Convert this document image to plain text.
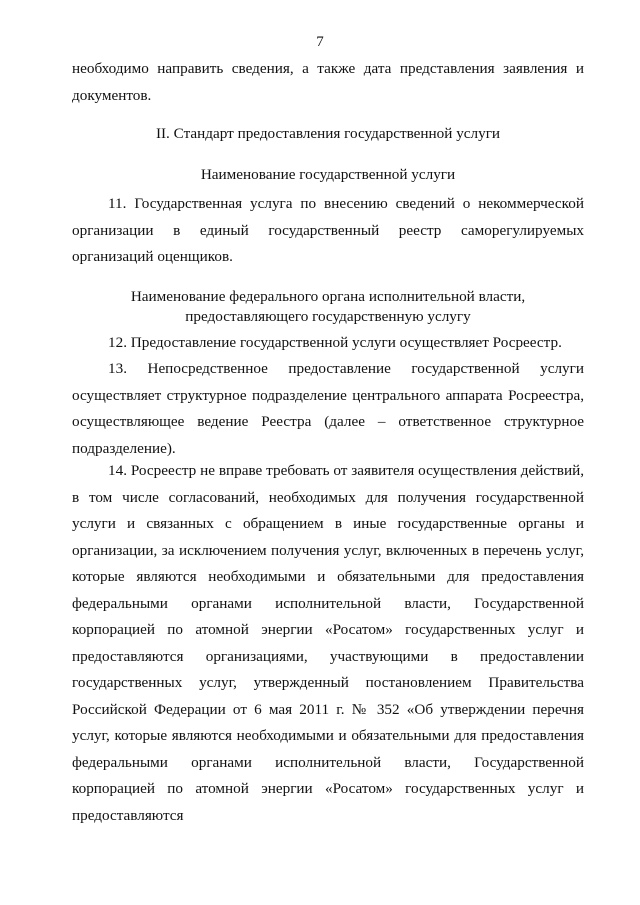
7

необходимо направить сведения, а также дата представления заявления и документов.

II. Стандарт предоставления государственной услуги
Наименование государственной услуги

11. Государственная услуга по внесению сведений о некоммерческой организации в единый государственный реестр саморегулируемых организаций оценщиков.

Наименование федерального органа исполнительной власти,
предоставляющего государственную услугу

12. Предоставление государственной услуги осуществляет Росреестр.

13. Непосредственное предоставление государственной услуги осуществляет структурное подразделение центрального аппарата Росреестра, осуществляющее ведение Реестра (далее – ответственное структурное подразделение).

14. Росреестр не вправе требовать от заявителя осуществления действий, в том числе согласований, необходимых для получения государственной услуги и связанных с обращением в иные государственные органы и организации, за исключением получения услуг, включенных в перечень услуг, которые являются необходимыми и обязательными для предоставления федеральными органами исполнительной власти, Государственной корпорацией по атомной энергии «Росатом» государственных услуг и предоставляются организациями, участвующими в предоставлении государственных услуг, утвержденный постановлением Правительства Российской Федерации от 6 мая 2011 г. № 352 «Об утверждении перечня услуг, которые являются необходимыми и обязательными для предоставления федеральными органами исполнительной власти, Государственной корпорацией по атомной энергии «Росатом» государственных услуг и предоставляются
